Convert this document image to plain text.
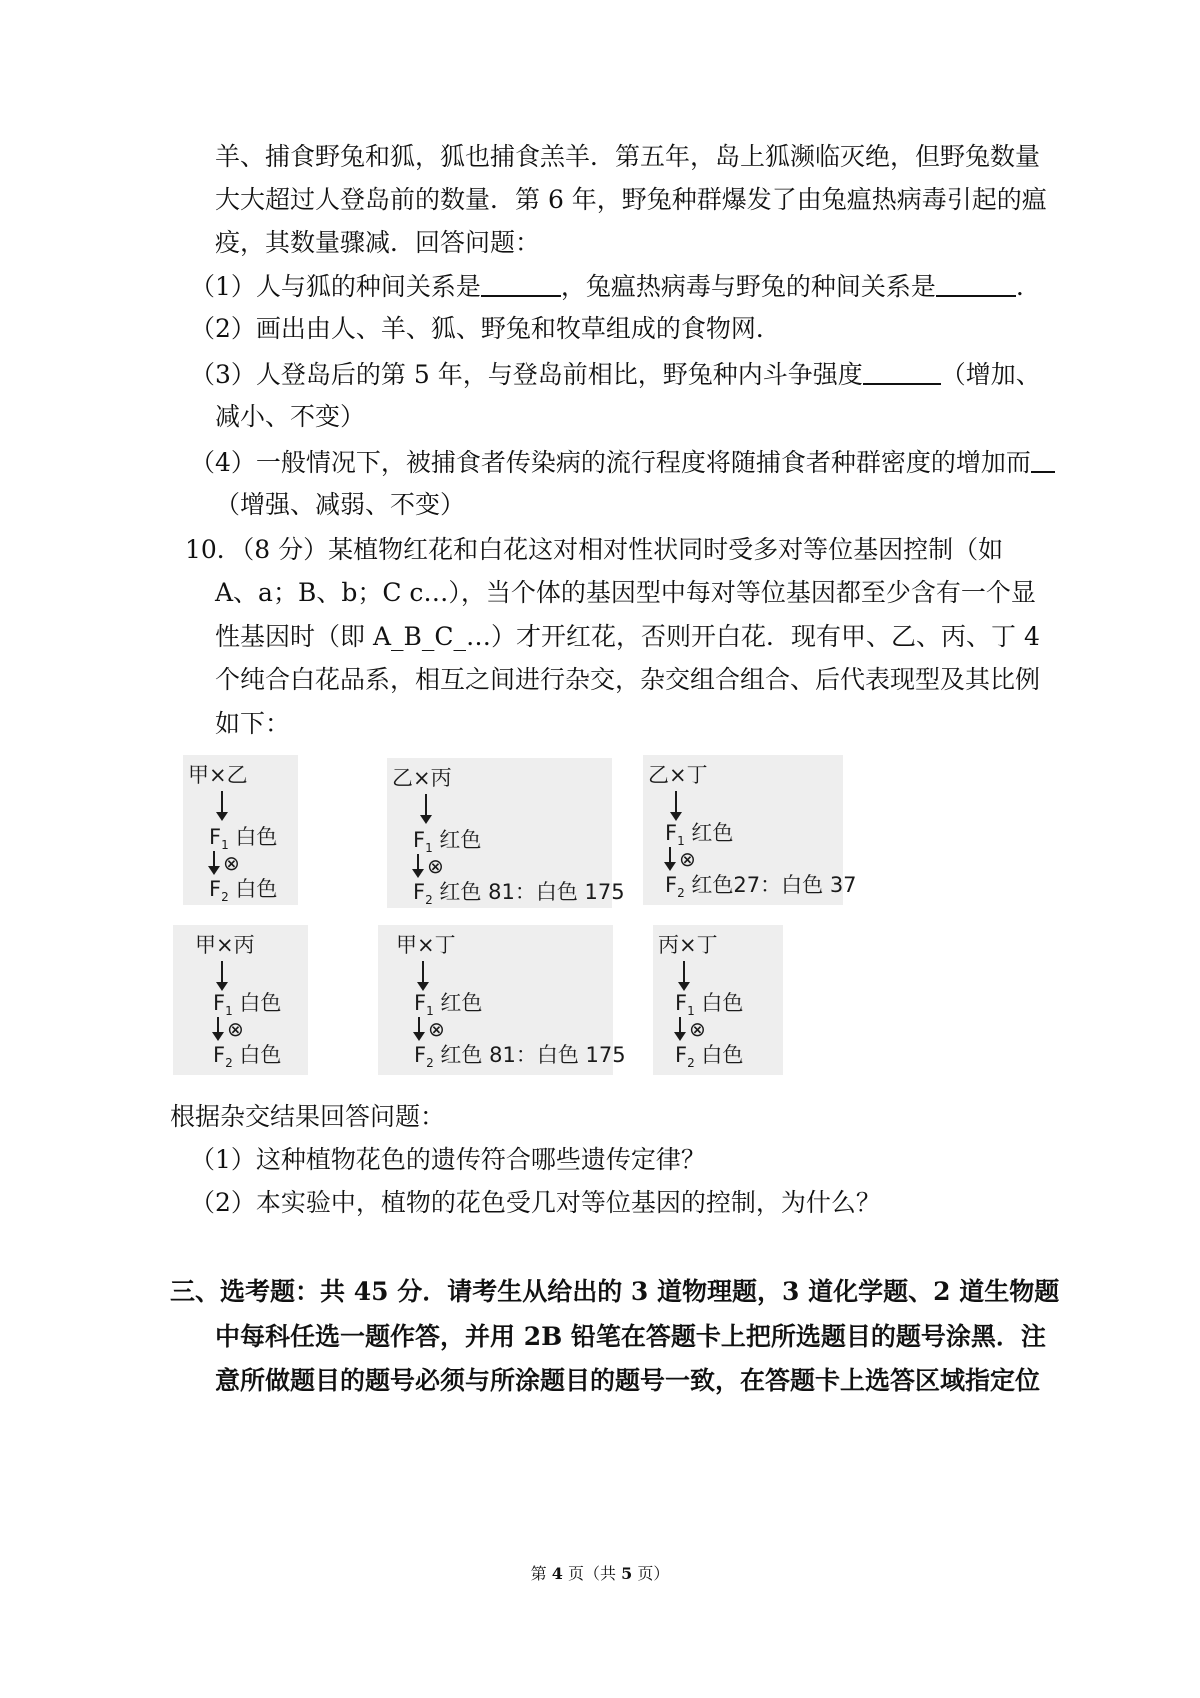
羊、捕食野兔和狐，狐也捕食羔羊．第五年，岛上狐濒临灭绝，但野兔数量
大大超过人登岛前的数量．第 6 年，野兔种群爆发了由兔瘟热病毒引起的瘟
疫，其数量骤减．回答问题：
（1）人与狐的种间关系是	，兔瘟热病毒与野兔的种间关系是	．
（2）画出由人、羊、狐、野兔和牧草组成的食物网．
（3）人登岛后的第 5 年，与登岛前相比，野兔种内斗争强度	（增加、
减小、不变）
（4）一般情况下，被捕食者传染病的流行程度将随捕食者种群密度的增加而
（增强、减弱、不变）
10．（8 分）某植物红花和白花这对相对性状同时受多对等位基因控制（如
A、a；B、b；C c…），当个体的基因型中每对等位基因都至少含有一个显
性基因时（即 A_B_C_…）才开红花，否则开白花．现有甲、乙、丙、丁 4
个纯合白花品系，相互之间进行杂交，杂交组合组合、后代表现型及其比例
如下：
甲×乙
$F_1$ 白色
⊗
$F_2$ 白色
乙×丙
$F_1$ 红色
⊗
$F_2$ 红色 81：白色 175
乙×丁
$F_1$ 红色
⊗
$F_2$ 红色27：白色 37
甲×丙
$F_1$ 白色
⊗
$F_2$ 白色
甲×丁
$F_1$ 红色
⊗
$F_2$ 红色 81：白色 175
丙×丁
$F_1$ 白色
⊗
$F_2$ 白色
根据杂交结果回答问题：
（1）这种植物花色的遗传符合哪些遗传定律？
（2）本实验中，植物的花色受几对等位基因的控制，为什么？
三、选考题：共 45 分．请考生从给出的 3 道物理题，3 道化学题、2 道生物题
中每科任选一题作答，并用 2B 铅笔在答题卡上把所选题目的题号涂黑．注
意所做题目的题号必须与所涂题目的题号一致，在答题卡上选答区域指定位
第 4 页（共 5 页）
